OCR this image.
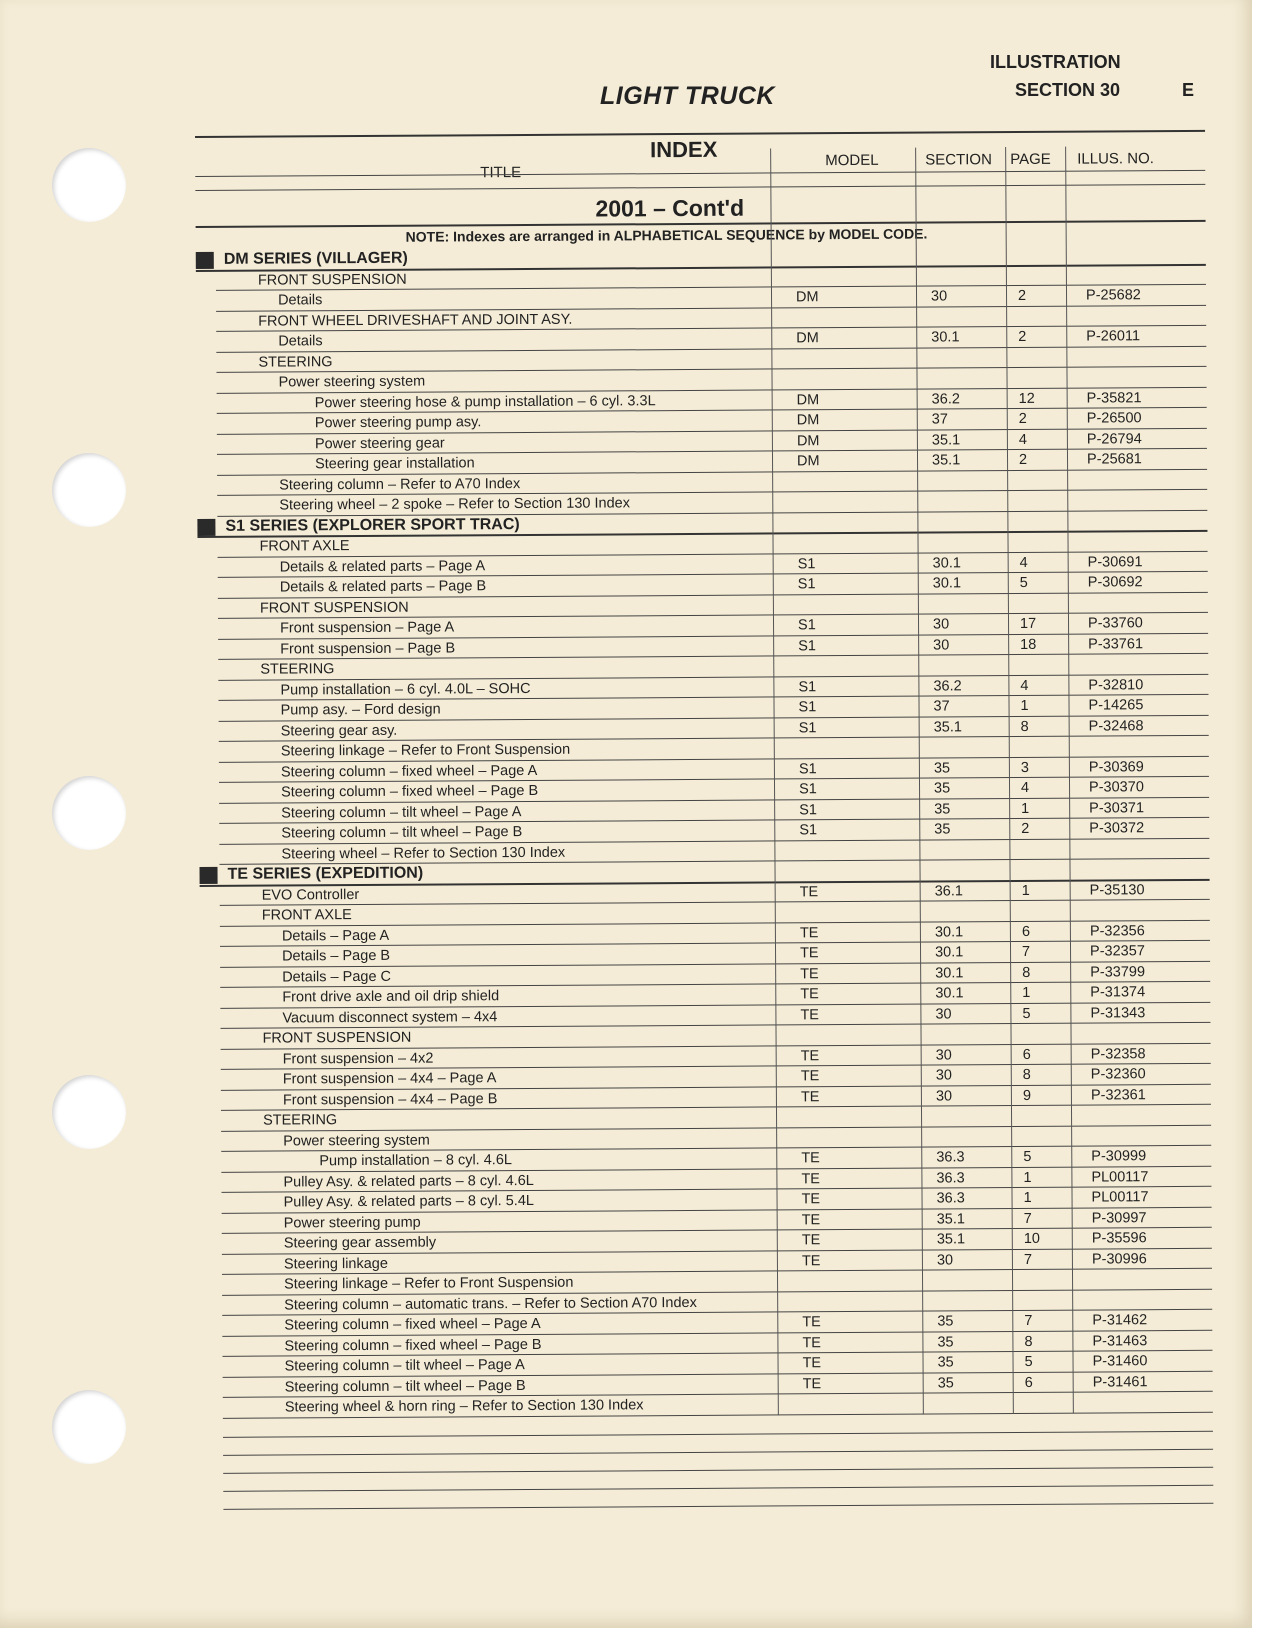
LIGHT TRUCK
ILLUSTRATION
SECTION 30	E
INDEX
TITLE
MODEL	SECTION PAGE ILLUS. NO.
2001 – Cont'd
NOTE: Indexes are arranged in ALPHABETICAL SEQUENCE by MODEL CODE.
DM SERIES (VILLAGER)
FRONT SUSPENSION
Details	DM	30	2	P-25682
FRONT WHEEL DRIVESHAFT AND JOINT ASY.
Details	DM	30.1	2	P-26011
STEERING
Power steering system
Power steering hose & pump installation – 6 cyl. 3.3L	DM	36.2	12	P-35821
Power steering pump asy.	DM	37	2	P-26500
Power steering gear	DM	35.1	4	P-26794
Steering gear installation	DM	35.1	2	P-25681
Steering column – Refer to A70 Index
Steering wheel – 2 spoke – Refer to Section 130 Index
S1 SERIES (EXPLORER SPORT TRAC)
FRONT AXLE
Details & related parts – Page A	S1	30.1	4	P-30691
Details & related parts – Page B	S1	30.1	5	P-30692
FRONT SUSPENSION
Front suspension – Page A	S1	30	17	P-33760
Front suspension – Page B	S1	30	18	P-33761
STEERING
Pump installation – 6 cyl. 4.0L – SOHC	S1	36.2	4	P-32810
Pump asy. – Ford design	S1	37	1	P-14265
Steering gear asy.	S1	35.1	8	P-32468
Steering linkage – Refer to Front Suspension
Steering column – fixed wheel – Page A	S1	35	3	P-30369
Steering column – fixed wheel – Page B	S1	35	4	P-30370
Steering column – tilt wheel – Page A	S1	35	1	P-30371
Steering column – tilt wheel – Page B	S1	35	2	P-30372
Steering wheel – Refer to Section 130 Index
TE SERIES (EXPEDITION)
EVO Controller	TE	36.1	1	P-35130
FRONT AXLE
Details – Page A	TE	30.1	6	P-32356
Details – Page B	TE	30.1	7	P-32357
Details – Page C	TE	30.1	8	P-33799
Front drive axle and oil drip shield	TE	30.1	1	P-31374
Vacuum disconnect system – 4x4	TE	30	5	P-31343
FRONT SUSPENSION
Front suspension – 4x2	TE	30	6	P-32358
Front suspension – 4x4 – Page A	TE	30	8	P-32360
Front suspension – 4x4 – Page B	TE	30	9	P-32361
STEERING
Power steering system
Pump installation – 8 cyl. 4.6L	TE	36.3	5	P-30999
Pulley Asy. & related parts – 8 cyl. 4.6L	TE	36.3	1	PL00117
Pulley Asy. & related parts – 8 cyl. 5.4L	TE	36.3	1	PL00117
Power steering pump	TE	35.1	7	P-30997
Steering gear assembly	TE	35.1	10	P-35596
Steering linkage	TE	30	7	P-30996
Steering linkage – Refer to Front Suspension
Steering column – automatic trans. – Refer to Section A70 Index
Steering column – fixed wheel – Page A	TE	35	7	P-31462
Steering column – fixed wheel – Page B	TE	35	8	P-31463
Steering column – tilt wheel – Page A	TE	35	5	P-31460
Steering column – tilt wheel – Page B	TE	35	6	P-31461
Steering wheel & horn ring – Refer to Section 130 Index
